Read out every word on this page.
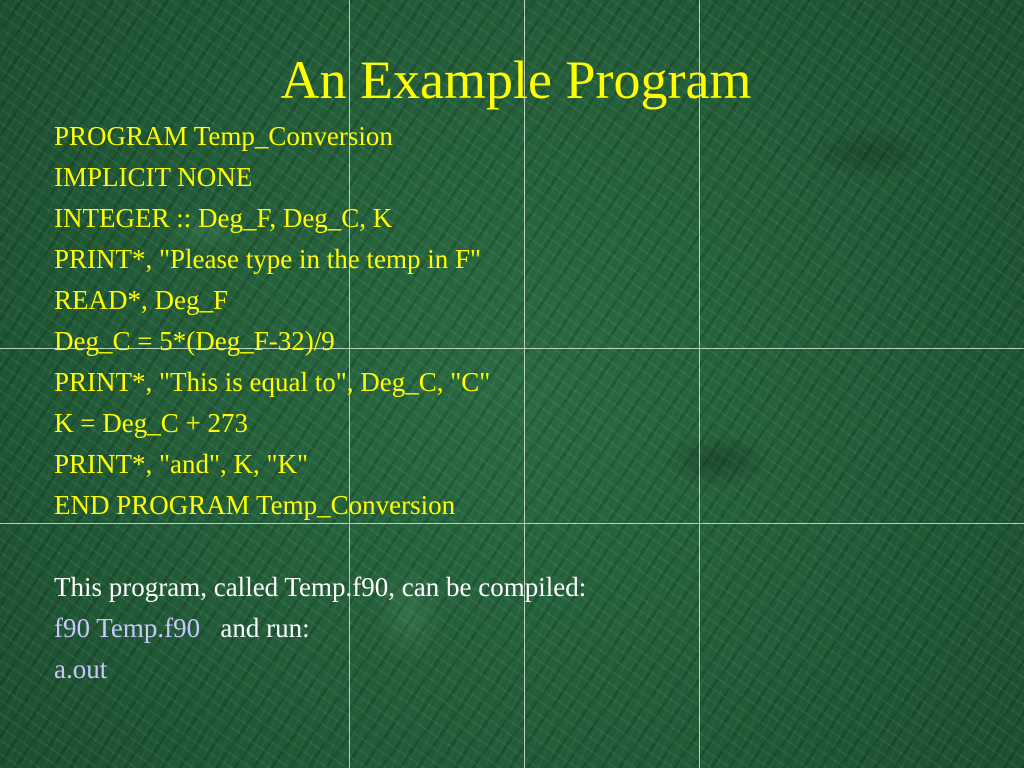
An Example Program
PROGRAM Temp_Conversion
IMPLICIT NONE
INTEGER :: Deg_F, Deg_C, K
PRINT*, "Please type in the temp in F"
READ*, Deg_F
Deg_C = 5*(Deg_F-32)/9
PRINT*, "This is equal to", Deg_C, "C"
K = Deg_C + 273
PRINT*, "and", K, "K"
END PROGRAM Temp_Conversion
This program, called Temp.f90, can be compiled:
f90 Temp.f90 and run:
a.out
